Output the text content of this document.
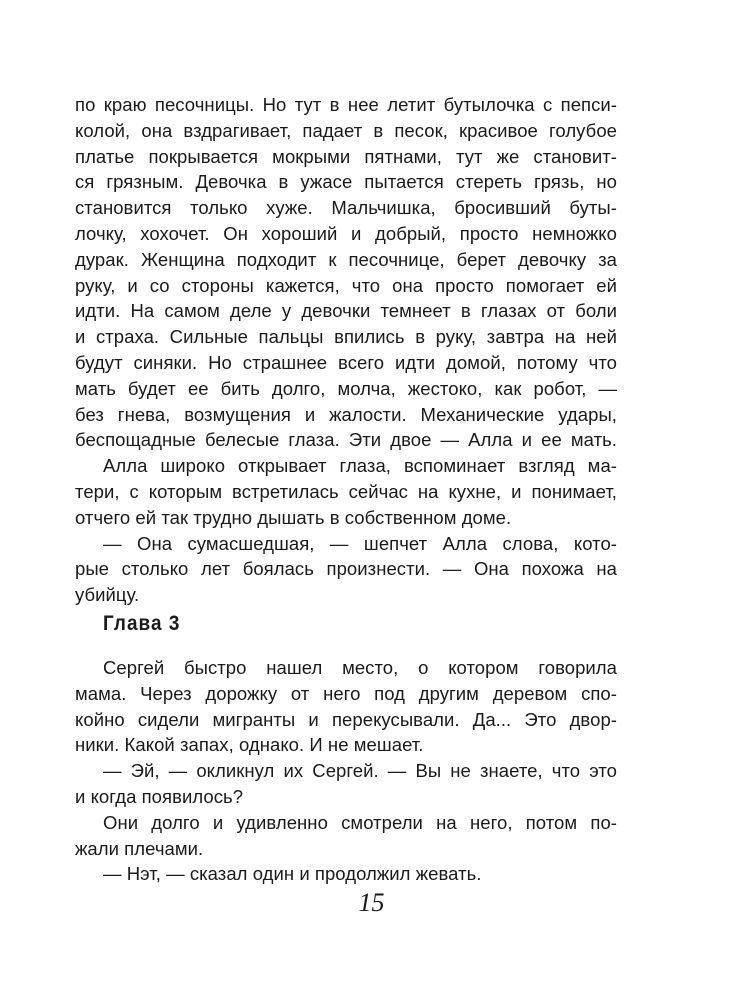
по краю песочницы. Но тут в нее летит бутылочка с пепси-
колой, она вздрагивает, падает в песок, красивое голубое
платье покрывается мокрыми пятнами, тут же становит-
ся грязным. Девочка в ужасе пытается стереть грязь, но
становится только хуже. Мальчишка, бросивший буты-
лочку, хохочет. Он хороший и добрый, просто немножко
дурак. Женщина подходит к песочнице, берет девочку за
руку, и со стороны кажется, что она просто помогает ей
идти. На самом деле у девочки темнеет в глазах от боли
и страха. Сильные пальцы впились в руку, завтра на ней
будут синяки. Но страшнее всего идти домой, потому что
мать будет ее бить долго, молча, жестоко, как робот, —
без гнева, возмущения и жалости. Механические удары,
беспощадные белесые глаза. Эти двое — Алла и ее мать.
Алла широко открывает глаза, вспоминает взгляд ма-
тери, с которым встретилась сейчас на кухне, и понимает,
отчего ей так трудно дышать в собственном доме.
— Она сумасшедшая, — шепчет Алла слова, кото-
рые столько лет боялась произнести. — Она похожа на
убийцу.
Глава 3
Сергей быстро нашел место, о котором говорила
мама. Через дорожку от него под другим деревом спо-
койно сидели мигранты и перекусывали. Да... Это двор-
ники. Какой запах, однако. И не мешает.
— Эй, — окликнул их Сергей. — Вы не знаете, что это
и когда появилось?
Они долго и удивленно смотрели на него, потом по-
жали плечами.
— Нэт, — сказал один и продолжил жевать.
15
